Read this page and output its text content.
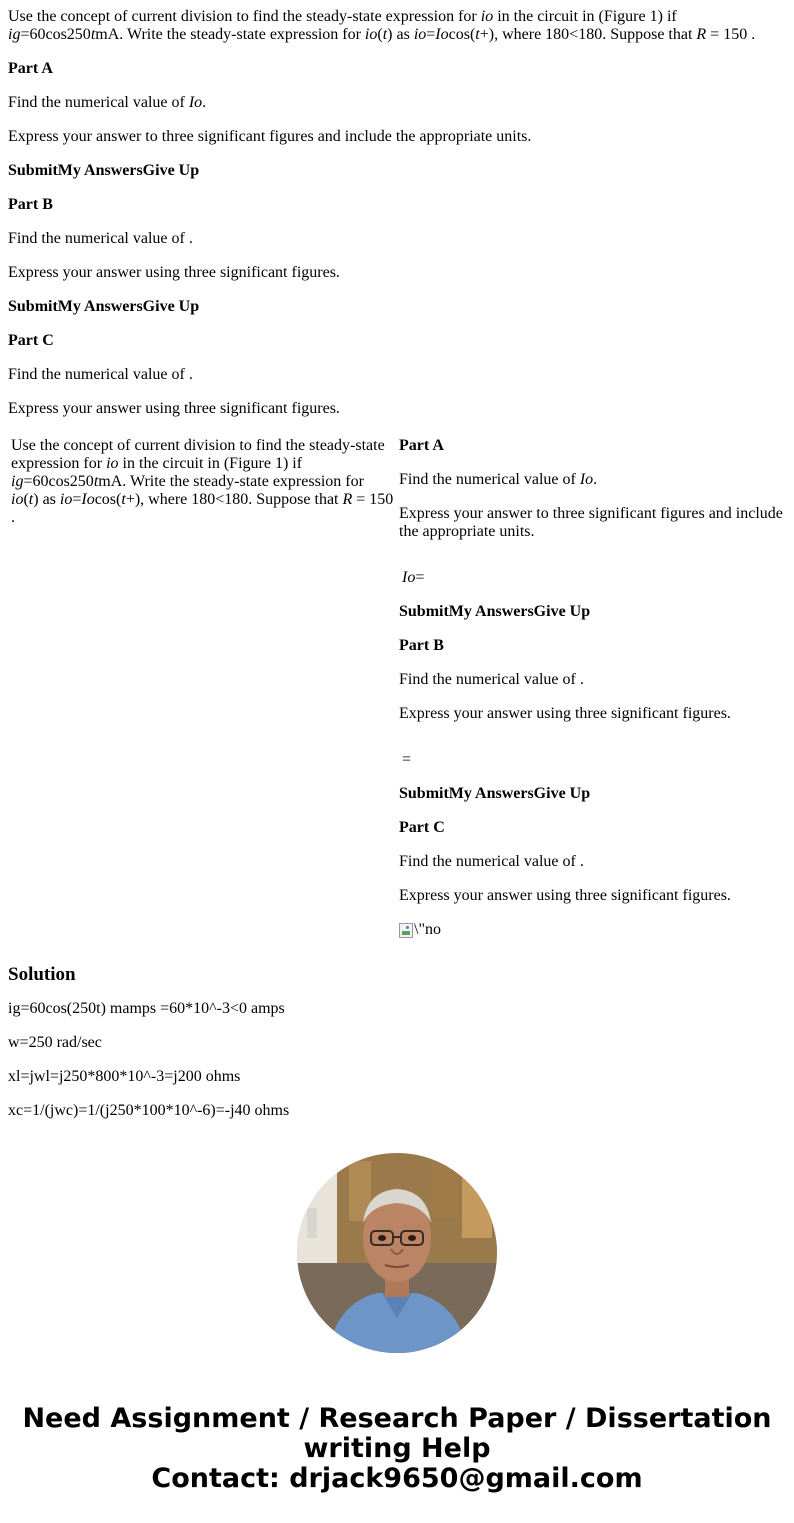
Use the concept of current division to find the steady-state expression for io in the circuit in (Figure 1) if ig=60cos250tmA. Write the steady-state expression for io(t) as io=Iocos(t+), where 180<180. Suppose that R = 150 .

Part A

Find the numerical value of Io.

Express your answer to three significant figures and include the appropriate units.

SubmitMy AnswersGive Up

Part B

Find the numerical value of .

Express your answer using three significant figures.

SubmitMy AnswersGive Up

Part C

Find the numerical value of .

Express your answer using three significant figures.

Use the concept of current division to find the steady-state expression for io in the circuit in (Figure 1) if ig=60cos250tmA. Write the steady-state expression for io(t) as io=Iocos(t+), where 180<180. Suppose that R = 150 .

Part A

Find the numerical value of Io.

Express your answer to three significant figures and include the appropriate units.

Io=

SubmitMy AnswersGive Up

Part B

Find the numerical value of .

Express your answer using three significant figures.

=

SubmitMy AnswersGive Up

Part C

Find the numerical value of .

Express your answer using three significant figures.

\"no

Solution

ig=60cos(250t) mamps =60*10^-3<0 amps

w=250 rad/sec

xl=jwl=j250*800*10^-3=j200 ohms

xc=1/(jwc)=1/(j250*100*10^-6)=-j40 ohms

Need Assignment / Research Paper / Dissertation
writing Help
Contact: drjack9650@gmail.com
